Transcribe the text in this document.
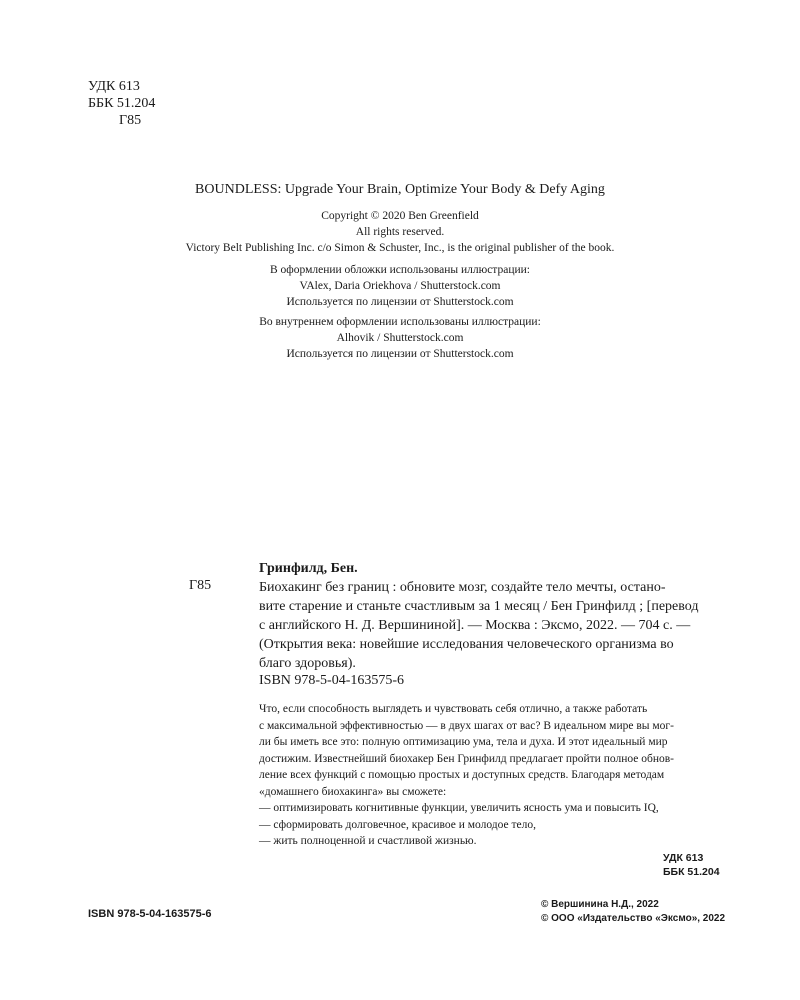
УДК 613
ББК 51.204
Г85
BOUNDLESS: Upgrade Your Brain, Optimize Your Body & Defy Aging
Copyright © 2020 Ben Greenfield
All rights reserved.
Victory Belt Publishing Inc. c/o Simon & Schuster, Inc., is the original publisher of the book.
В оформлении обложки использованы иллюстрации:
VAlex, Daria Oriekhova / Shutterstock.com
Используется по лицензии от Shutterstock.com
Во внутреннем оформлении использованы иллюстрации:
Alhovik / Shutterstock.com
Используется по лицензии от Shutterstock.com
Гринфилд, Бен.
Г85	Биохакинг без границ : обновите мозг, создайте тело мечты, остано-
вите старение и станьте счастливым за 1 месяц / Бен Гринфилд ; [перевод
с английского Н. Д. Вершининой]. — Москва : Эксмо, 2022. — 704 с. —
(Открытия века: новейшие исследования человеческого организма во
благо здоровья).
ISBN 978-5-04-163575-6
Что, если способность выглядеть и чувствовать себя отлично, а также работать
с максимальной эффективностью — в двух шагах от вас? В идеальном мире вы мог-
ли бы иметь все это: полную оптимизацию ума, тела и духа. И этот идеальный мир
достижим. Известнейший биохакер Бен Гринфилд предлагает пройти полное обнов-
ление всех функций с помощью простых и доступных средств. Благодаря методам
«домашнего биохакинга» вы сможете:
— оптимизировать когнитивные функции, увеличить ясность ума и повысить IQ,
— сформировать долговечное, красивое и молодое тело,
— жить полноценной и счастливой жизнью.
УДК 613
ББК 51.204
ISBN 978-5-04-163575-6
© Вершинина Н.Д., 2022
© ООО «Издательство «Эксмо», 2022
